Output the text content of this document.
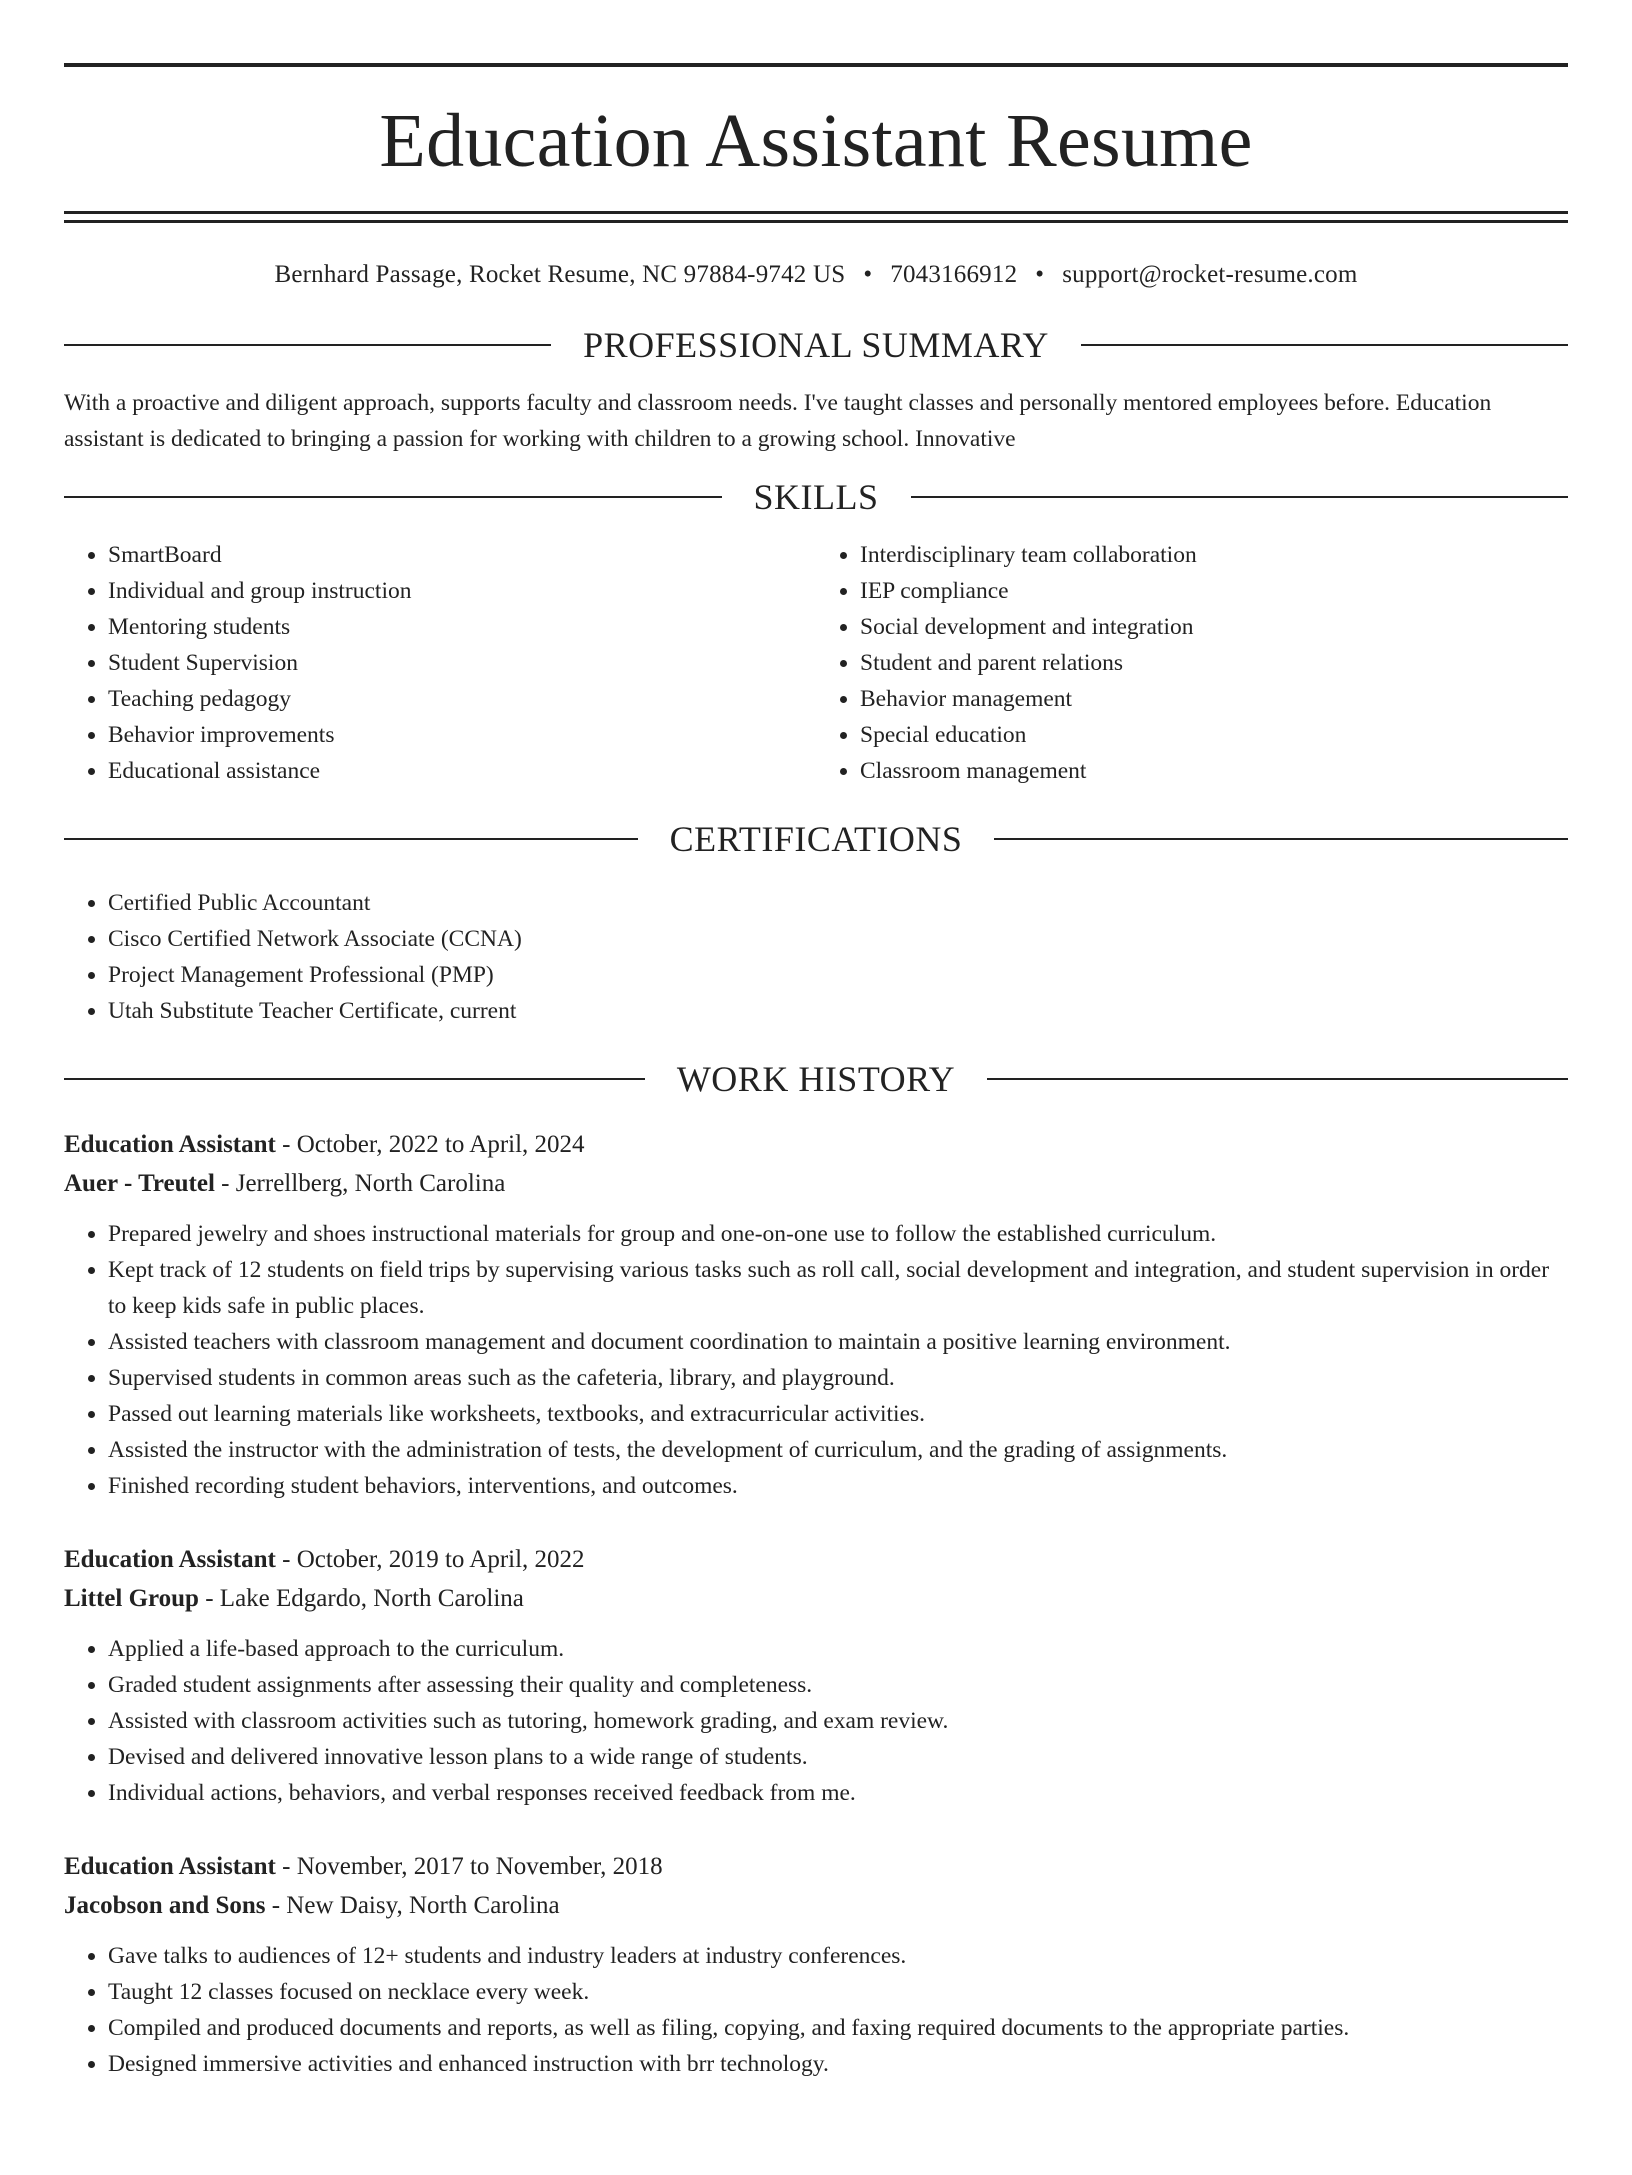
Education Assistant Resume
Bernhard Passage, Rocket Resume, NC 97884-9742 US • 7043166912 • support@rocket-resume.com
PROFESSIONAL SUMMARY
With a proactive and diligent approach, supports faculty and classroom needs. I've taught classes and personally mentored employees before. Education assistant is dedicated to bringing a passion for working with children to a growing school. Innovative
SKILLS
• SmartBoard
• Individual and group instruction
• Mentoring students
• Student Supervision
• Teaching pedagogy
• Behavior improvements
• Educational assistance
• Interdisciplinary team collaboration
• IEP compliance
• Social development and integration
• Student and parent relations
• Behavior management
• Special education
• Classroom management
CERTIFICATIONS
• Certified Public Accountant
• Cisco Certified Network Associate (CCNA)
• Project Management Professional (PMP)
• Utah Substitute Teacher Certificate, current
WORK HISTORY
Education Assistant - October, 2022 to April, 2024
Auer - Treutel - Jerrellberg, North Carolina
• Prepared jewelry and shoes instructional materials for group and one-on-one use to follow the established curriculum.
• Kept track of 12 students on field trips by supervising various tasks such as roll call, social development and integration, and student supervision in order to keep kids safe in public places.
• Assisted teachers with classroom management and document coordination to maintain a positive learning environment.
• Supervised students in common areas such as the cafeteria, library, and playground.
• Passed out learning materials like worksheets, textbooks, and extracurricular activities.
• Assisted the instructor with the administration of tests, the development of curriculum, and the grading of assignments.
• Finished recording student behaviors, interventions, and outcomes.
Education Assistant - October, 2019 to April, 2022
Littel Group - Lake Edgardo, North Carolina
• Applied a life-based approach to the curriculum.
• Graded student assignments after assessing their quality and completeness.
• Assisted with classroom activities such as tutoring, homework grading, and exam review.
• Devised and delivered innovative lesson plans to a wide range of students.
• Individual actions, behaviors, and verbal responses received feedback from me.
Education Assistant - November, 2017 to November, 2018
Jacobson and Sons - New Daisy, North Carolina
• Gave talks to audiences of 12+ students and industry leaders at industry conferences.
• Taught 12 classes focused on necklace every week.
• Compiled and produced documents and reports, as well as filing, copying, and faxing required documents to the appropriate parties.
• Designed immersive activities and enhanced instruction with brr technology.
